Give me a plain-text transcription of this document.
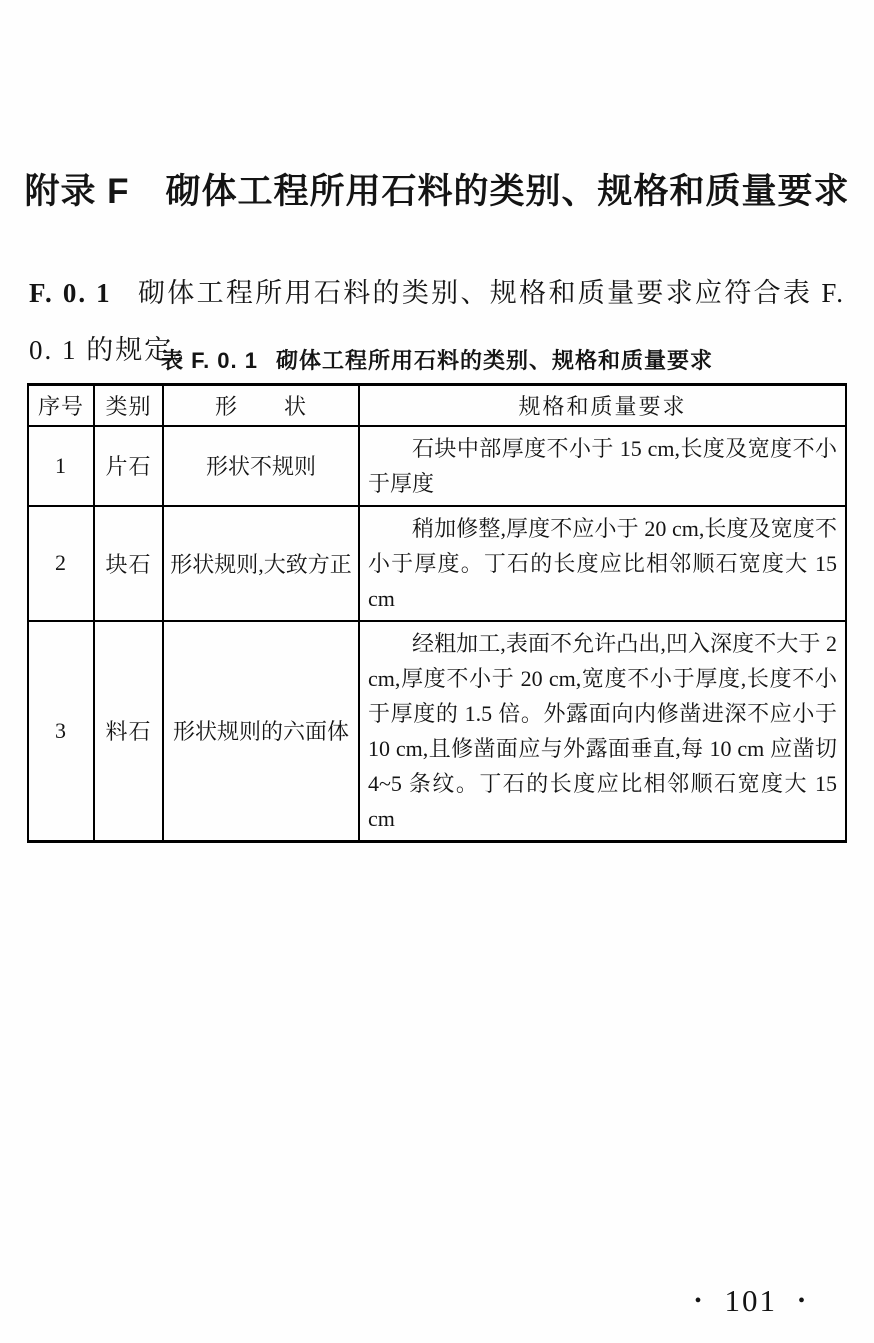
附录 F 砌体工程所用石料的类别、规格和质量要求

F. 0. 1 砌体工程所用石料的类别、规格和质量要求应符合表 F. 0. 1 的规定。

表 F. 0. 1 砌体工程所用石料的类别、规格和质量要求
序号	类别	形　　状	规格和质量要求
1	片石	形状不规则	石块中部厚度不小于 15 cm,长度及宽度不小于厚度

2	块石	形状规则,大致方正	稍加修整,厚度不应小于 20 cm,长度及宽度不小于厚度。丁石的长度应比相邻顺石宽度大 15 cm

3	料石	形状规则的六面体	经粗加工,表面不允许凸出,凹入深度不大于 2 cm,厚度不小于 20 cm,宽度不小于厚度,长度不小于厚度的 1.5 倍。外露面向内修凿进深不应小于 10 cm,且修凿面应与外露面垂直,每 10 cm 应凿切 4~5 条纹。丁石的长度应比相邻顺石宽度大 15 cm

• 101 •
